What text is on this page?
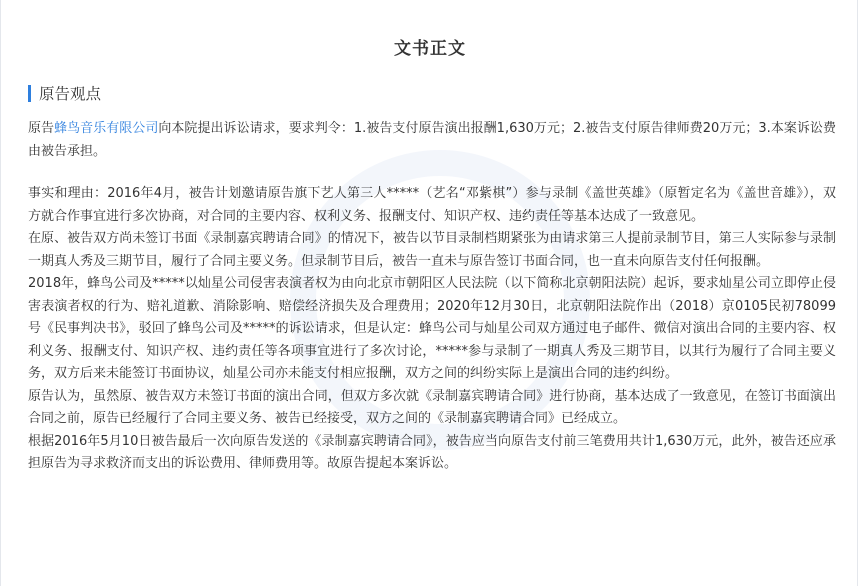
文书正文
原告观点

原告蜂鸟音乐有限公司向本院提出诉讼请求，要求判令：1.被告支付原告演出报酬1,630万元；2.被告支付原告律师费20万元；3.本案诉讼费由被告承担。

事实和理由：2016年4月，被告计划邀请原告旗下艺人第三人*****（艺名“邓紫棋”）参与录制《盖世英雄》（原暂定名为《盖世音雄》），双方就合作事宜进行多次协商，对合同的主要内容、权利义务、报酬支付、知识产权、违约责任等基本达成了一致意见。

在原、被告双方尚未签订书面《录制嘉宾聘请合同》的情况下，被告以节目录制档期紧张为由请求第三人提前录制节目，第三人实际参与录制一期真人秀及三期节目，履行了合同主要义务。但录制节目后，被告一直未与原告签订书面合同，也一直未向原告支付任何报酬。

2018年，蜂鸟公司及*****以灿星公司侵害表演者权为由向北京市朝阳区人民法院（以下简称北京朝阳法院）起诉，要求灿星公司立即停止侵害表演者权的行为、赔礼道歉、消除影响、赔偿经济损失及合理费用；2020年12月30日，北京朝阳法院作出（2018）京0105民初78099号《民事判决书》，驳回了蜂鸟公司及*****的诉讼请求，但是认定：蜂鸟公司与灿星公司双方通过电子邮件、微信对演出合同的主要内容、权利义务、报酬支付、知识产权、违约责任等各项事宜进行了多次讨论，*****参与录制了一期真人秀及三期节目，以其行为履行了合同主要义务，双方后来未能签订书面协议，灿星公司亦未能支付相应报酬，双方之间的纠纷实际上是演出合同的违约纠纷。

原告认为，虽然原、被告双方未签订书面的演出合同，但双方多次就《录制嘉宾聘请合同》进行协商，基本达成了一致意见，在签订书面演出合同之前，原告已经履行了合同主要义务、被告已经接受，双方之间的《录制嘉宾聘请合同》已经成立。

根据2016年5月10日被告最后一次向原告发送的《录制嘉宾聘请合同》，被告应当向原告支付前三笔费用共计1,630万元，此外，被告还应承担原告为寻求救济而支出的诉讼费用、律师费用等。故原告提起本案诉讼。
